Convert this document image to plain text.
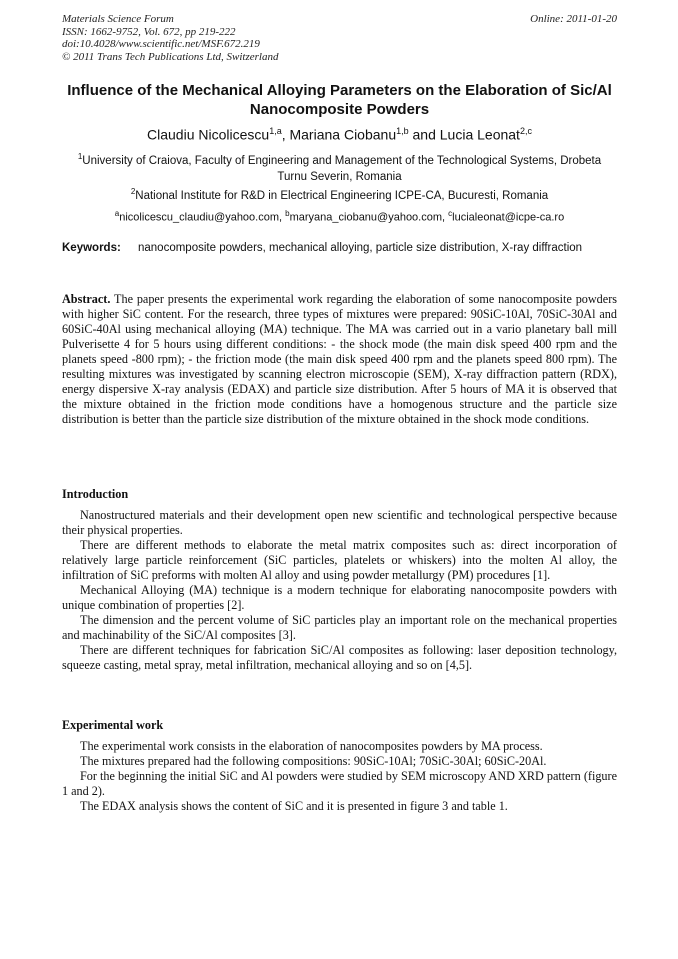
Materials Science Forum
ISSN: 1662-9752, Vol. 672, pp 219-222
doi:10.4028/www.scientific.net/MSF.672.219
© 2011 Trans Tech Publications Ltd, Switzerland
Online: 2011-01-20
Influence of the Mechanical Alloying Parameters on the Elaboration of Sic/Al Nanocomposite Powders
Claudiu Nicolicescu$^{1,a}$, Mariana Ciobanu$^{1,b}$ and Lucia Leonat$^{2,c}$
$^1$University of Craiova, Faculty of Engineering and Management of the Technological Systems, Drobeta Turnu Severin, Romania
$^2$National Institute for R&D in Electrical Engineering ICPE-CA, Bucuresti, Romania
$^a$nicolicescu_claudiu@yahoo.com, $^b$maryana_ciobanu@yahoo.com, $^c$lucialeonat@icpe-ca.ro
Keywords: nanocomposite powders, mechanical alloying, particle size distribution, X-ray diffraction
Abstract. The paper presents the experimental work regarding the elaboration of some nanocomposite powders with higher SiC content. For the research, three types of mixtures were prepared: 90SiC-10Al, 70SiC-30Al and 60SiC-40Al using mechanical alloying (MA) technique. The MA was carried out in a vario planetary ball mill Pulverisette 4 for 5 hours using different conditions: - the shock mode (the main disk speed 400 rpm and the planets speed -800 rpm); - the friction mode (the main disk speed 400 rpm and the planets speed 800 rpm). The resulting mixtures was investigated by scanning electron microscopie (SEM), X-ray diffraction pattern (RDX), energy dispersive X-ray analysis (EDAX) and particle size distribution. After 5 hours of MA it is observed that the mixture obtained in the friction mode conditions have a homogenous structure and the particle size distribution is better than the particle size distribution of the mixture obtained in the shock mode conditions.
Introduction

Nanostructured materials and their development open new scientific and technological perspective because their physical properties.

There are different methods to elaborate the metal matrix composites such as: direct incorporation of relatively large particle reinforcement (SiC particles, platelets or whiskers) into the molten Al alloy, the infiltration of SiC preforms with molten Al alloy and using powder metallurgy (PM) procedures [1].

Mechanical Alloying (MA) technique is a modern technique for elaborating nanocomposite powders with unique combination of properties [2].

The dimension and the percent volume of SiC particles play an important role on the mechanical properties and machinability of the SiC/Al composites [3].

There are different techniques for fabrication SiC/Al composites as following: laser deposition technology, squeeze casting, metal spray, metal infiltration, mechanical alloying and so on [4,5].

Experimental work

The experimental work consists in the elaboration of nanocomposites powders by MA process.

The mixtures prepared had the following compositions: 90SiC-10Al; 70SiC-30Al; 60SiC-20Al.

For the beginning the initial SiC and Al powders were studied by SEM microscopy AND XRD pattern (figure 1 and 2).

The EDAX analysis shows the content of SiC and it is presented in figure 3 and table 1.
